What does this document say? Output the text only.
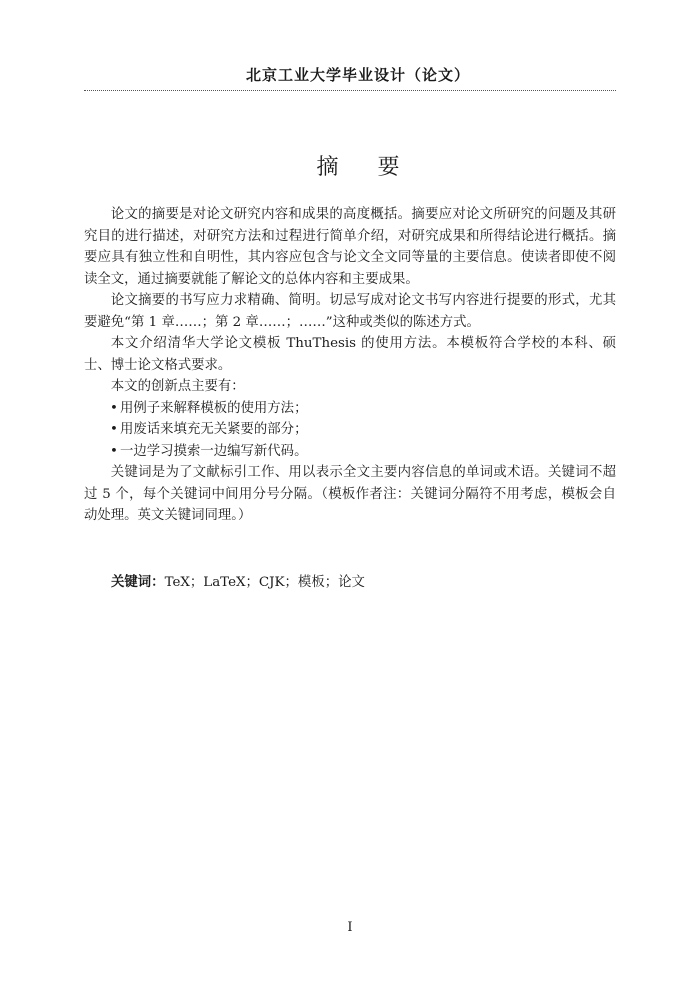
北京工业大学毕业设计（论文）
摘 要

论文的摘要是对论文研究内容和成果的高度概括。摘要应对论文所研究的问题及其研究目的进行描述，对研究方法和过程进行简单介绍，对研究成果和所得结论进行概括。摘要应具有独立性和自明性，其内容应包含与论文全文同等量的主要信息。使读者即使不阅读全文，通过摘要就能了解论文的总体内容和主要成果。

论文摘要的书写应力求精确、简明。切忌写成对论文书写内容进行提要的形式，尤其要避免“第 1 章……；第 2 章……；……”这种或类似的陈述方式。

本文介绍清华大学论文模板 ThuThesis 的使用方法。本模板符合学校的本科、硕士、博士论文格式要求。

本文的创新点主要有：

• 用例子来解释模板的使用方法；
• 用废话来填充无关紧要的部分；
• 一边学习摸索一边编写新代码。

关键词是为了文献标引工作、用以表示全文主要内容信息的单词或术语。关键词不超过 5 个，每个关键词中间用分号分隔。（模板作者注：关键词分隔符不用考虑，模板会自动处理。英文关键词同理。）

关键词：TeX；LaTeX；CJK；模板；论文
I
